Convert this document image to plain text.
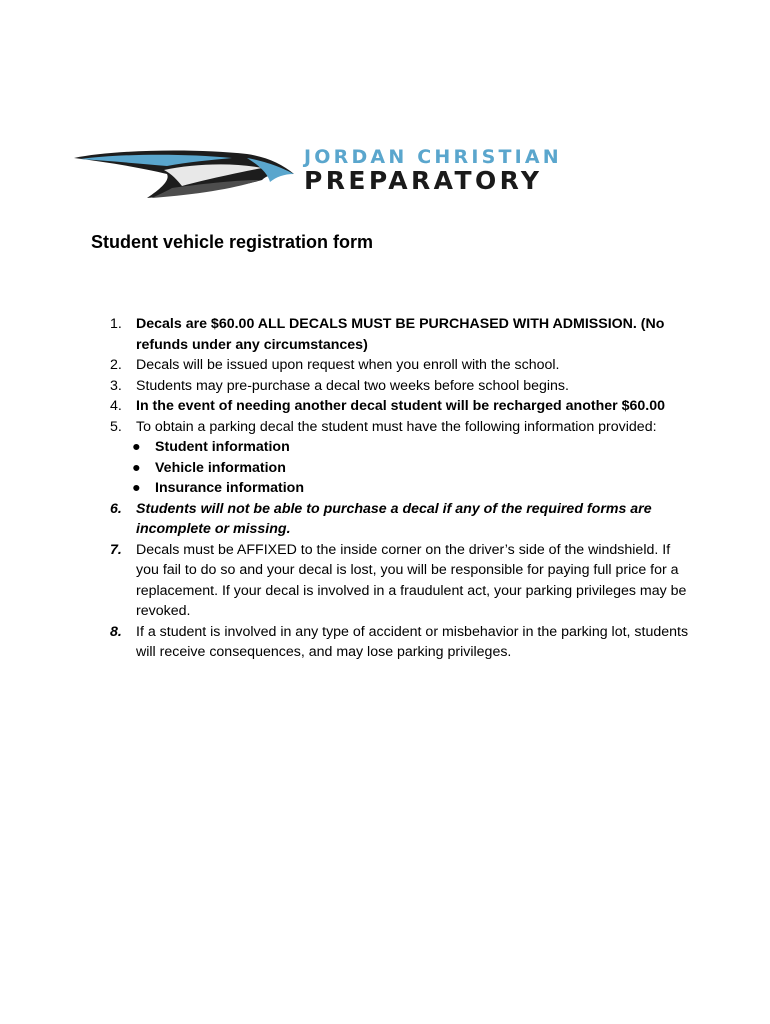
JORDAN CHRISTIAN
PREPARATORY
Student vehicle registration form
1. Decals are $60.00 ALL DECALS MUST BE PURCHASED WITH ADMISSION. (No refunds under any circumstances)
2. Decals will be issued upon request when you enroll with the school.
3. Students may pre-purchase a decal two weeks before school begins.
4. In the event of needing another decal student will be recharged another $60.00
5. To obtain a parking decal the student must have the following information provided:
●	Student information
●	Vehicle information
●	Insurance information
6. Students will not be able to purchase a decal if any of the required forms are incomplete or missing.
7. Decals must be AFFIXED to the inside corner on the driver’s side of the windshield. If you fail to do so and your decal is lost, you will be responsible for paying full price for a replacement. If your decal is involved in a fraudulent act, your parking privileges may be revoked.
8. If a student is involved in any type of accident or misbehavior in the parking lot, students will receive consequences, and may lose parking privileges.
